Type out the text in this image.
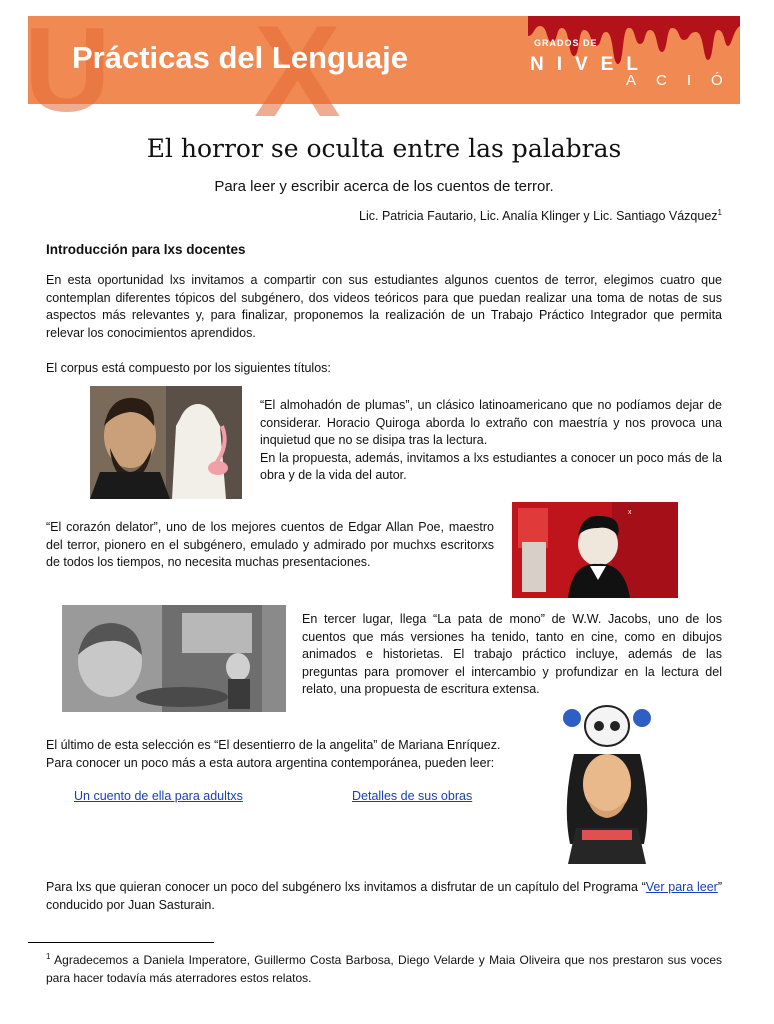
U X
Prácticas del Lenguaje	GRADOS DE
NIVEL
ACIÓN
El horror se oculta entre las palabras
Para leer y escribir acerca de los cuentos de terror.
Lic. Patricia Fautario, Lic. Analía Klinger y Lic. Santiago Vázquez$^1$
Introducción para lxs docentes
En esta oportunidad lxs invitamos a compartir con sus estudiantes algunos cuentos de terror, elegimos cuatro que contemplan diferentes tópicos del subgénero, dos videos teóricos para que puedan realizar una toma de notas de sus aspectos más relevantes y, para finalizar, proponemos la realización de un Trabajo Práctico Integrador que permita relevar los conocimientos aprendidos.
El corpus está compuesto por los siguientes títulos:
“El almohadón de plumas”, un clásico latinoamericano que no podíamos dejar de considerar. Horacio Quiroga aborda lo extraño con maestría y nos provoca una inquietud que no se disipa tras la lectura.
En la propuesta, además, invitamos a lxs estudiantes a conocer un poco más de la obra y de la vida del autor.
“El corazón delator”, uno de los mejores cuentos de Edgar Allan Poe, maestro del terror, pionero en el subgénero, emulado y admirado por muchxs escritorxs de todos los tiempos, no necesita muchas presentaciones.
x
En tercer lugar, llega “La pata de mono” de W.W. Jacobs, uno de los cuentos que más versiones ha tenido, tanto en cine, como en dibujos animados e historietas. El trabajo práctico incluye, además de las preguntas para promover el intercambio y profundizar en la lectura del relato, una propuesta de escritura extensa.
El último de esta selección es “El desentierro de la angelita” de Mariana Enríquez.
Para conocer un poco más a esta autora argentina contemporánea, pueden leer:
Un cuento de ella para adultxs	Detalles de sus obras
Para lxs que quieran conocer un poco del subgénero lxs invitamos a disfrutar de un capítulo del Programa “Ver para leer” conducido por Juan Sasturain.
$^1$ Agradecemos a Daniela Imperatore, Guillermo Costa Barbosa, Diego Velarde y Maia Oliveira que nos prestaron sus voces para hacer todavía más aterradores estos relatos.
